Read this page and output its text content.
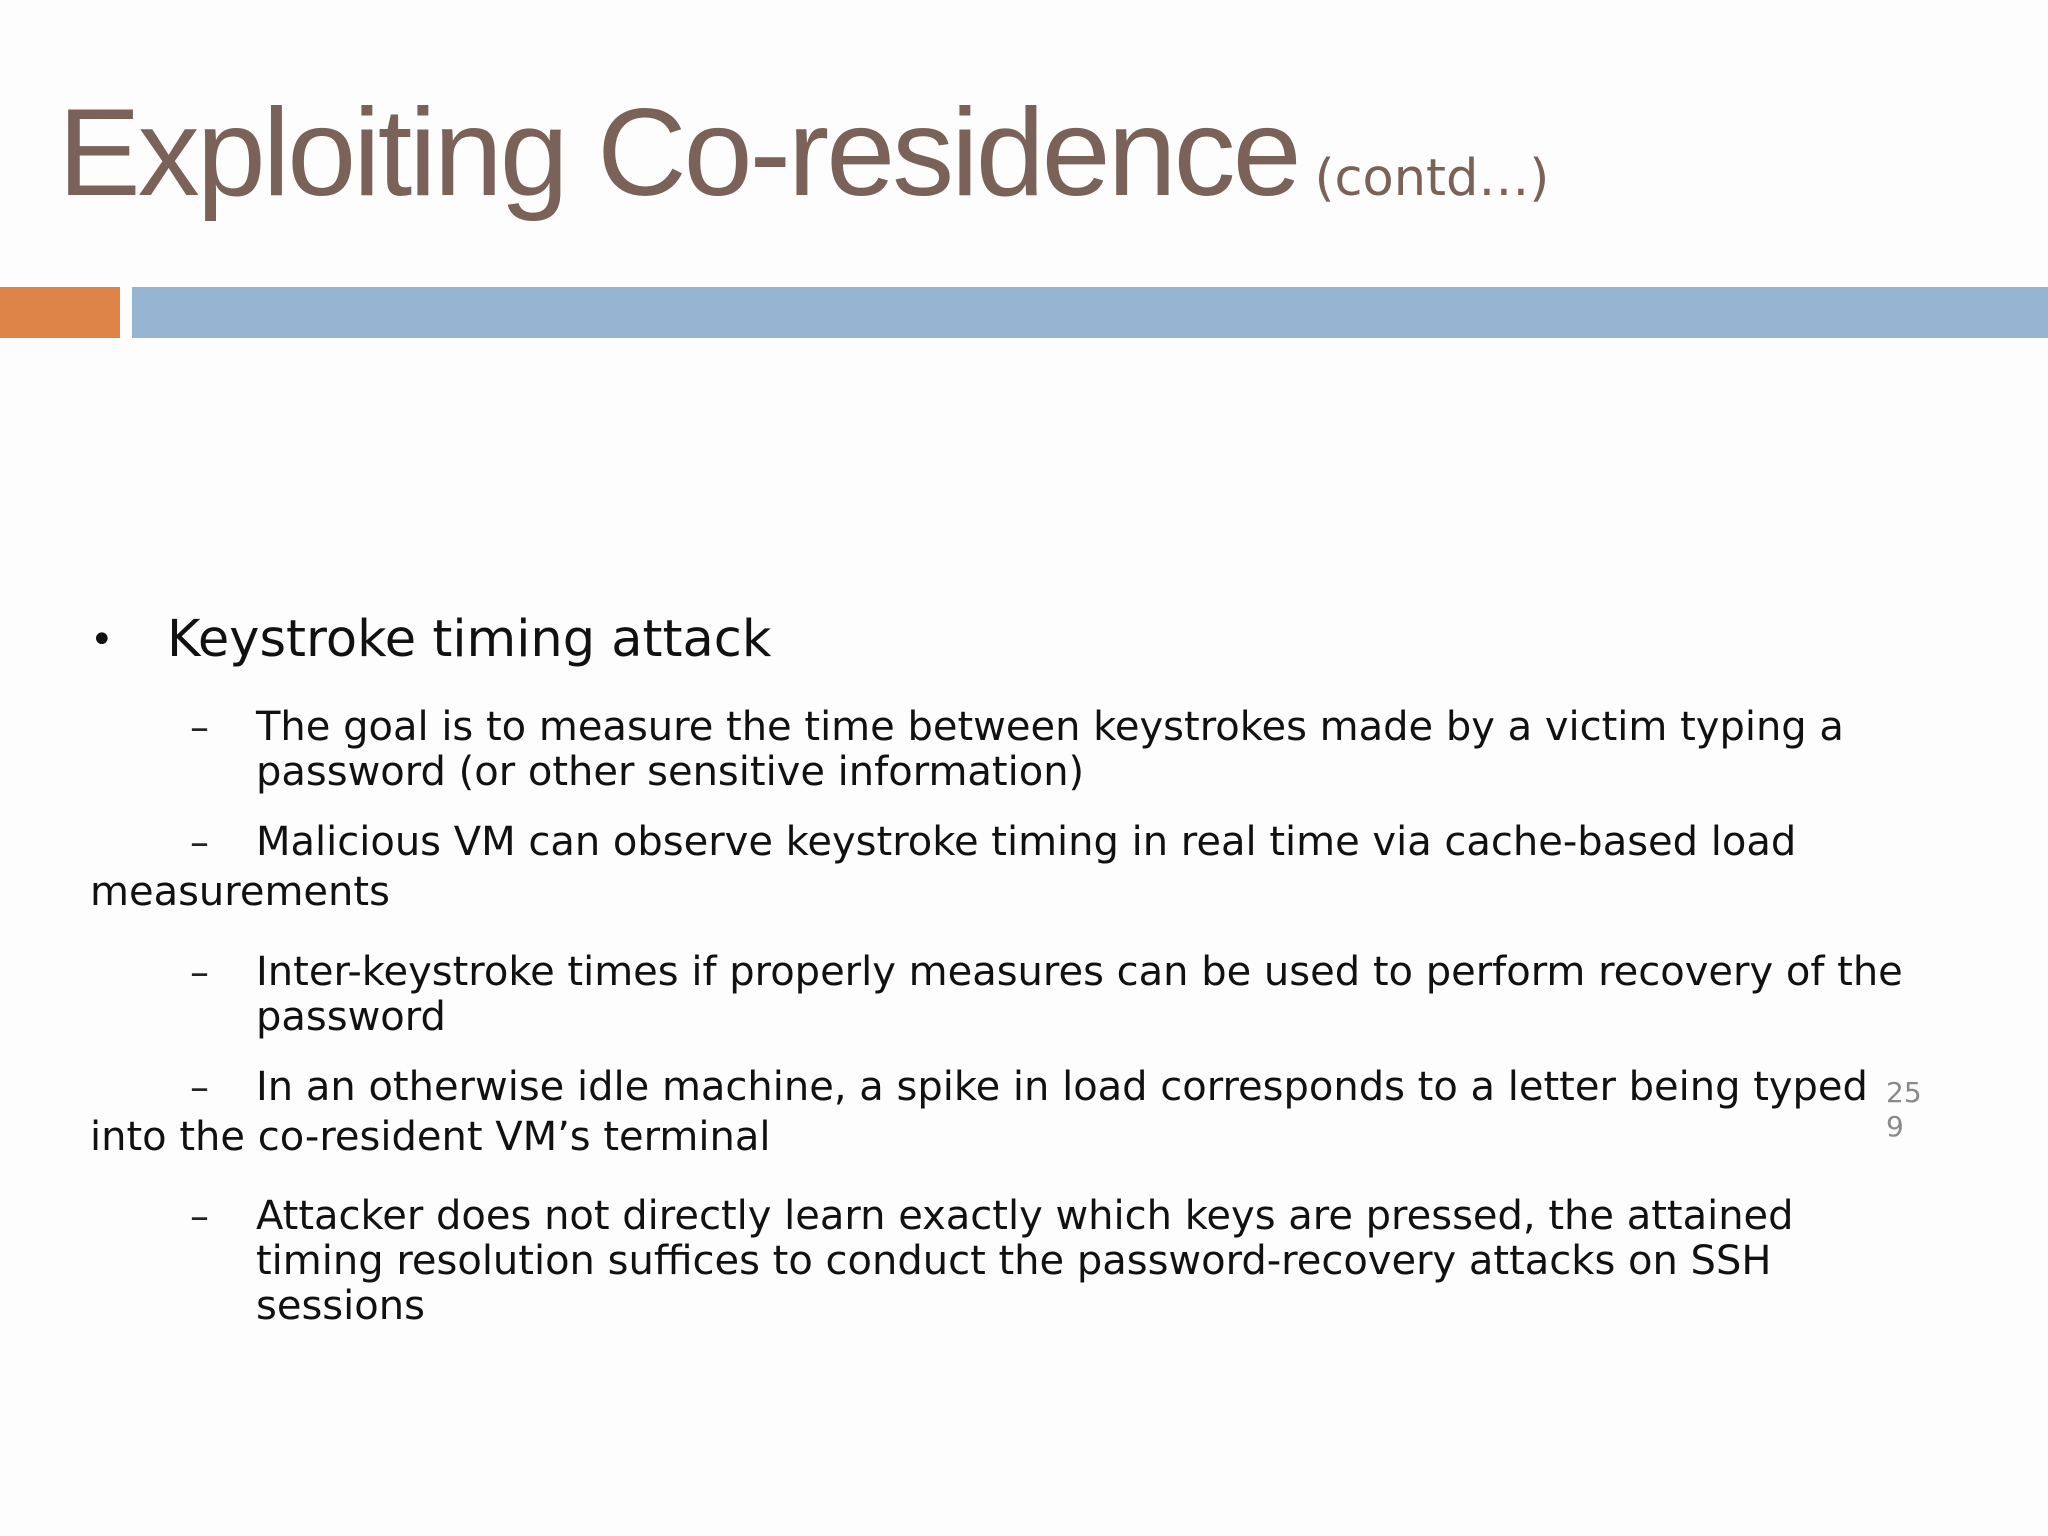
Exploiting Co-residence (contd…)
• Keystroke timing attack
– The goal is to measure the time between keystrokes made by a victim typing a
password (or other sensitive information)
– Malicious VM can observe keystroke timing in real time via cache-based load
measurements
– Inter-keystroke times if properly measures can be used to perform recovery of the
password
– In an otherwise idle machine, a spike in load corresponds to a letter being typed
into the co-resident VM’s terminal
– Attacker does not directly learn exactly which keys are pressed, the attained
timing resolution suffices to conduct the password-recovery attacks on SSH
sessions
25
9
